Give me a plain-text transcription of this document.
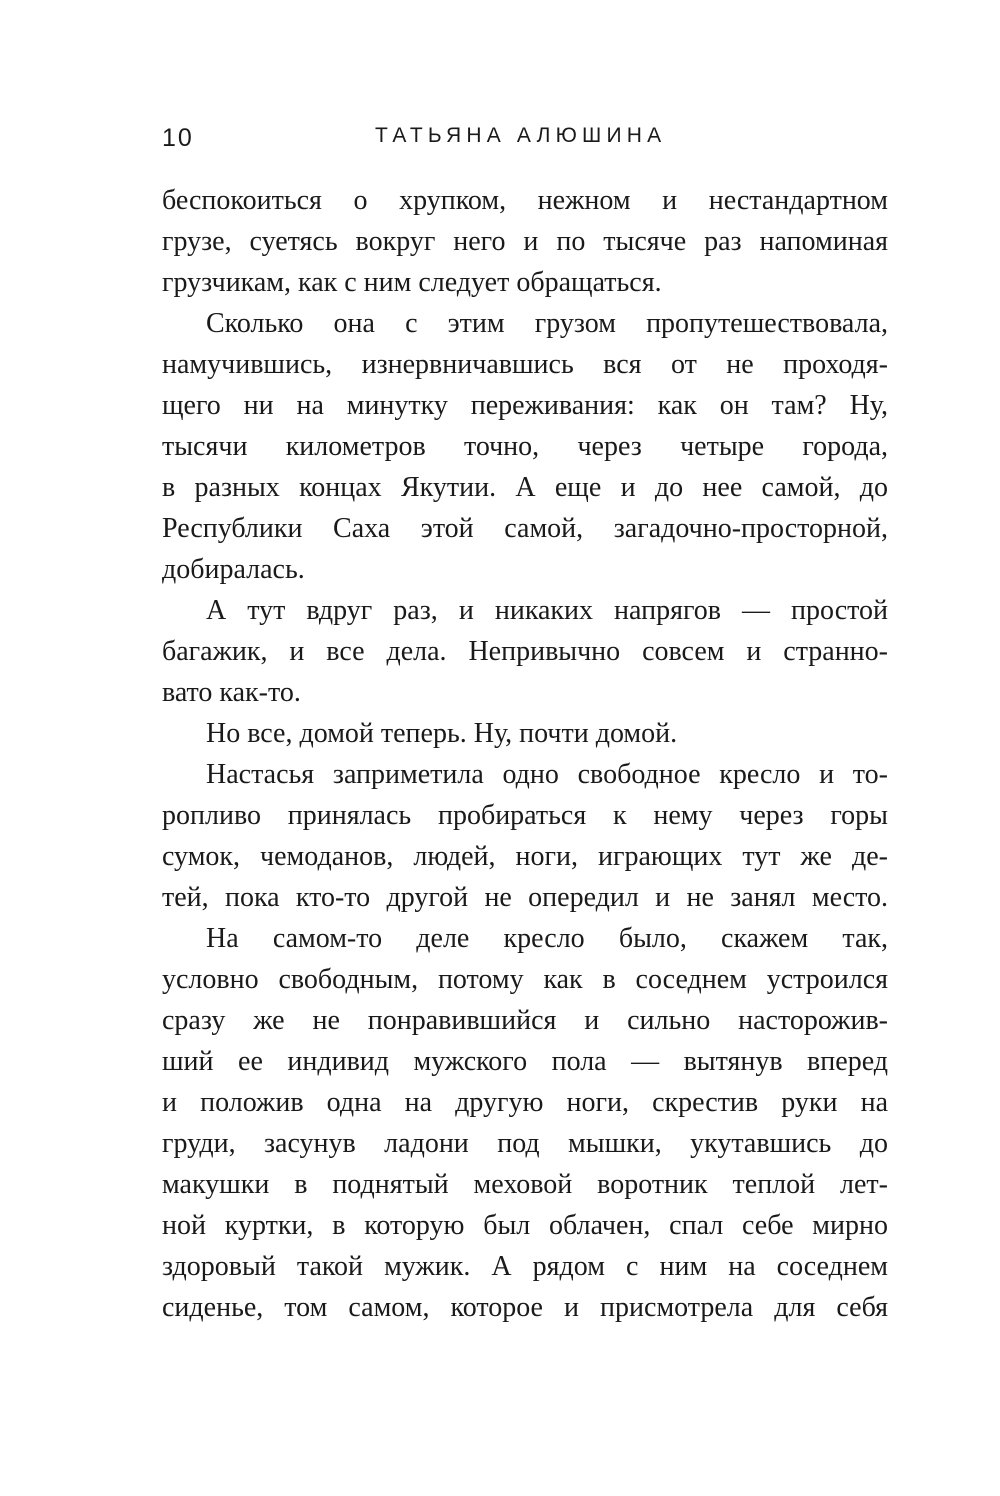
10	ТАТЬЯНА АЛЮШИНА

беспокоиться о хрупком, нежном и нестандартном

грузе, суетясь вокруг него и по тысяче раз напоминая

грузчикам, как с ним следует обращаться.

Сколько она с этим грузом пропутешествовала,

намучившись, изнервничавшись вся от не проходя-

щего ни на минутку переживания: как он там? Ну,

тысячи километров точно, через четыре города,

в разных концах Якутии. А еще и до нее самой, до

Республики Саха этой самой, загадочно-просторной,

добиралась.

А тут вдруг раз, и никаких напрягов — простой

багажик, и все дела. Непривычно совсем и странно-

вато как-то.

Но все, домой теперь. Ну, почти домой.

Настасья заприметила одно свободное кресло и то-

ропливо принялась пробираться к нему через горы

сумок, чемоданов, людей, ноги, играющих тут же де-

тей, пока кто-то другой не опередил и не занял место.

На самом-то деле кресло было, скажем так,

условно свободным, потому как в соседнем устроился

сразу же не понравившийся и сильно насторожив-

ший ее индивид мужского пола — вытянув вперед

и положив одна на другую ноги, скрестив руки на

груди, засунув ладони под мышки, укутавшись до

макушки в поднятый меховой воротник теплой лет-

ной куртки, в которую был облачен, спал себе мирно

здоровый такой мужик. А рядом с ним на соседнем

сиденье, том самом, которое и присмотрела для себя
